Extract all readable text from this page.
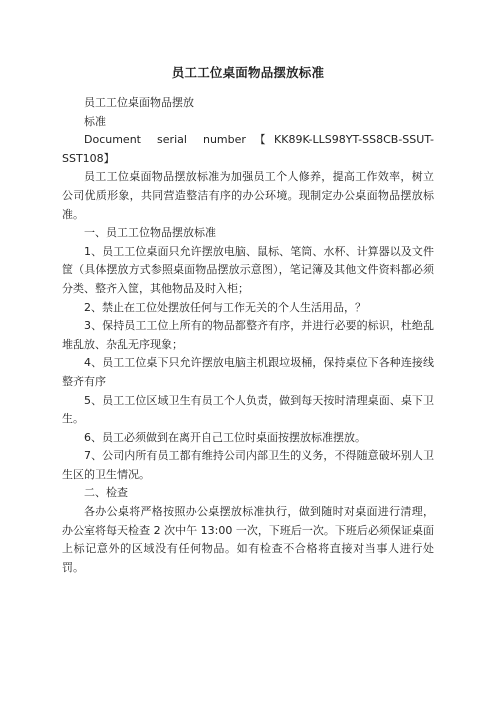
员工工位桌面物品摆放标准

员工工位桌面物品摆放

标准

Document serial number【KK89K-LLS98YT-SS8CB-SSUT-SST108】

员工工位桌面物品摆放标准为加强员工个人修养，提高工作效率，树立公司优质形象，共同营造整洁有序的办公环境。现制定办公桌面物品摆放标准。

一、员工工位物品摆放标准

1、员工工位桌面只允许摆放电脑、鼠标、笔筒、水杯、计算器以及文件筐（具体摆放方式参照桌面物品摆放示意图），笔记簿及其他文件资料都必须分类、整齐入筐，其他物品及时入柜；

2、禁止在工位处摆放任何与工作无关的个人生活用品，？

3、保持员工工位上所有的物品都整齐有序，并进行必要的标识，杜绝乱堆乱放、杂乱无序现象；

4、员工工位桌下只允许摆放电脑主机跟垃圾桶，保持桌位下各种连接线整齐有序

5、员工工位区域卫生有员工个人负责，做到每天按时清理桌面、桌下卫生。

6、员工必须做到在离开自己工位时桌面按摆放标准摆放。

7、公司内所有员工都有维持公司内部卫生的义务，不得随意破坏别人卫生区的卫生情况。

二、检查

各办公桌将严格按照办公桌摆放标准执行，做到随时对桌面进行清理，办公室将每天检查 2 次中午 13:00 一次，下班后一次。下班后必须保证桌面上标记意外的区域没有任何物品。如有检查不合格将直接对当事人进行处罚。
